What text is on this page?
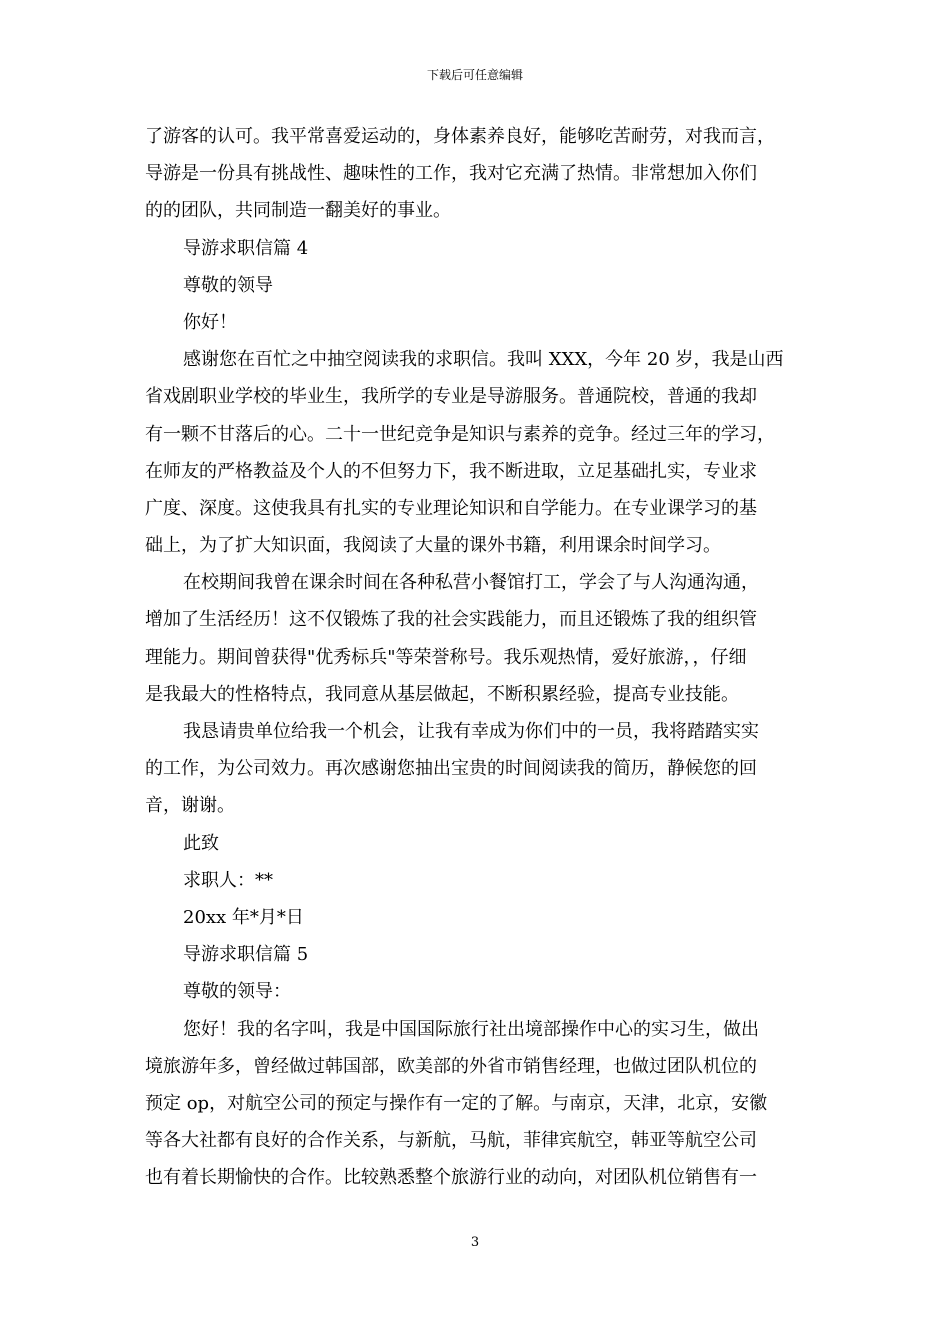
下载后可任意编辑
了游客的认可。我平常喜爱运动的，身体素养良好，能够吃苦耐劳，对我而言，
导游是一份具有挑战性、趣味性的工作，我对它充满了热情。非常想加入你们
的的团队，共同制造一翻美好的事业。
导游求职信篇 4
尊敬的领导
你好！
感谢您在百忙之中抽空阅读我的求职信。我叫 XXX，今年 20 岁，我是山西
省戏剧职业学校的毕业生，我所学的专业是导游服务。普通院校，普通的我却
有一颗不甘落后的心。二十一世纪竞争是知识与素养的竞争。经过三年的学习，
在师友的严格教益及个人的不但努力下，我不断进取，立足基础扎实，专业求
广度、深度。这使我具有扎实的专业理论知识和自学能力。在专业课学习的基
础上，为了扩大知识面，我阅读了大量的课外书籍，利用课余时间学习。
在校期间我曾在课余时间在各种私营小餐馆打工，学会了与人沟通沟通，
增加了生活经历！这不仅锻炼了我的社会实践能力，而且还锻炼了我的组织管
理能力。期间曾获得"优秀标兵"等荣誉称号。我乐观热情，爱好旅游，，仔细
是我最大的性格特点，我同意从基层做起，不断积累经验，提高专业技能。
我恳请贵单位给我一个机会，让我有幸成为你们中的一员，我将踏踏实实
的工作，为公司效力。再次感谢您抽出宝贵的时间阅读我的简历，静候您的回
音，谢谢。
此致
求职人：**
20xx 年*月*日
导游求职信篇 5
尊敬的领导：
您好！我的名字叫，我是中国国际旅行社出境部操作中心的实习生，做出
境旅游年多，曾经做过韩国部，欧美部的外省市销售经理，也做过团队机位的
预定 op，对航空公司的预定与操作有一定的了解。与南京，天津，北京，安徽
等各大社都有良好的合作关系，与新航，马航，菲律宾航空，韩亚等航空公司
也有着长期愉快的合作。比较熟悉整个旅游行业的动向，对团队机位销售有一
3
